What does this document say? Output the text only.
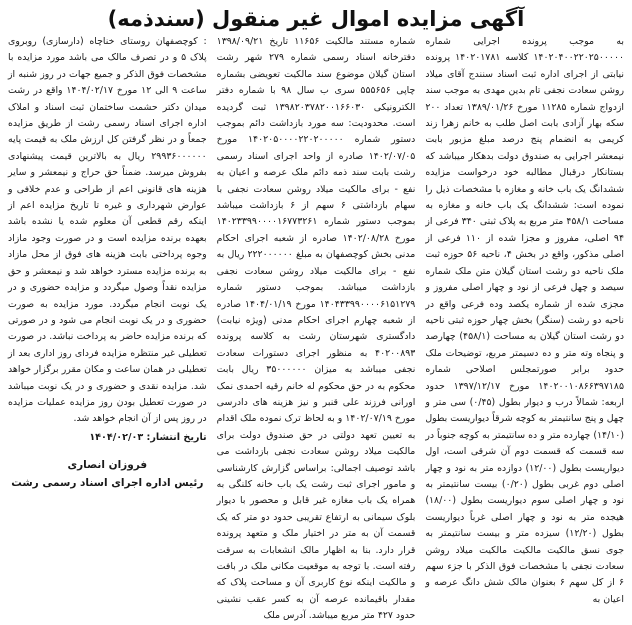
آگهی مزایده اموال غیر منقول (سندذمه)

به موجب پرونده اجرایی شماره ۱۴۰۲۰۴۰۰۲۲۰۲۵۰۰۰۰۰ کلاسه ۱۴۰۲۰۱۷۸۱ پرونده نیابتی از اجرای اداره ثبت اسناد سنندج آقای میلاد روشن سعادت نجفی تام بدین مهدی به موجب سند ازدواج شماره ۱۱۲۸۵ مورخ ۱۳۸۹/۰۱/۲۶ تعداد ۲۰۰ سکه بهار آزادی بابت اصل طلب به خانم زهرا زند کریمی به انضمام پنج درصد مبلغ مزبور بابت نیمعشر اجرایی به صندوق دولت بدهکار میباشد که بستانکار درقبال مطالبه خود درخواست مزایده ششدانگ یک باب خانه و مغازه با مشخصات ذیل را نموده است: ششدانگ یک باب خانه و مغازه به مساحت ۴۵۸/۱ متر مربع به پلاک ثبتی ۳۴۰ فرعی از ۹۴ اصلی، مفروز و مجزا شده از ۱۱۰ فرعی از اصلی مذکور، واقع در بخش ۴، ناحیه ۵۶ حوزه ثبت ملک ناحیه دو رشت استان گیلان متن ملک شماره سیصد و چهل فرعی از نود و چهار اصلی مفروز و مجزی شده از شماره یکصد وده فرعی واقع در ناحیه دو رشت (سنگر) بخش چهار حوزه ثبتی ناحیه دو رشت استان گیلان به مساحت (۴۵۸/۱) چهارصد و پنجاه وته متر و ده دسیمتر مربع، توضیحات ملک حدود برابر صورتمجلس اصلاحی شماره ۱۴۰۲۰۰۱۰۸۶۶۳۹۷۱۸۵ مورخ ۱۳۹۷/۱۲/۱۷ حدود اربعه: شمالاً درب و دیوار بطول (۰/۴۵) سی متر و چهل و پنج سانتیمتر به کوچه شرقاً دیواریست بطول (۱۴/۱۰) چهارده متر و ده سانتیمتر به کوچه جنوباً در سه قسمت که قسمت دوم آن شرقی است، اول دیواریست بطول (۱۲/۰۰) دوازده متر به نود و چهار اصلی دوم غربی بطول (۰/۲۰) بیست سانتیمتر به نود و چهار اصلی سوم دیواریست بطول (۱۸/۰۰) هیجده متر به نود و چهار اصلی غرباً دیواریست بطول (۱۲/۲۰) سیزده متر و بیست سانتیمتر به جوی نسق مالکیت مالکیت مالکیت میلاد روشن سعادت نجفی با مشخصات فوق الذکر با جزء سهم ۶ از کل سهم ۶ بعنوان مالک شش دانگ عرصه و اعیان به

شماره مستند مالکیت ۱۱۶۵۶ تاریخ ۱۳۹۸/۰۹/۲۱ دفترخانه اسناد رسمی شماره ۲۷۹ شهر رشت استان گیلان موضوع سند مالکیت تعویضی بشماره چاپی ۵۵۵۶۵۶ سری ب سال ۹۸ با شماره دفتر الکترونیکی ۱۳۹۸۲۰۳۷۸۲۰۰۱۶۶۰۳۰ ثبت گردیده است. محدودیت: سه مورد بازداشت دائم بموجب دستور شماره ۱۴۰۲۰۵۰۰۰۰۲۲۰۲۰۰۰۰۰ مورخ ۱۴۰۲/۰۷/۰۵ صادره از واحد اجرای اسناد رسمی رشت بابت سند ذمه دائم ملک عرصه و اعیان به نفع - برای مالکیت میلاد روشن سعادت نجفی با سهام بازداشتی ۶ سهم از ۶ بازداشت میباشد بموجب دستور شماره ۱۴۰۲۳۳۹۹۰۰۰۰۱۶۷۷۳۲۶۱ مورخ ۱۴۰۲/۰۸/۲۸ صادره از شعبه اجرای احکام مدنی بخش کوچصفهان به مبلغ ۲۲۲۰۰۰۰۰۰ ریال به نفع - برای مالکیت میلاد روشن سعادت نجفی بازداشت میباشد. بموجب دستور شماره ۱۴۰۴۳۳۹۹۰۰۰۰۶۱۵۱۲۷۹ مورخ ۱۴۰۴/۰۱/۱۹ صادره از شعبه چهارم اجرای احکام مدنی (ویژه نیابت) دادگستری شهرستان رشت به کلاسه پرونده ۴۰۲۰۰۸۹۳ به منظور اجرای دستورات سعادت نجفی میباشد به میزان ۳۵۰۰۰۰۰۰ ریال بابت محکوم به در حق محکوم له خانم رقیه احمدی نمک اورانی فرزند علی قنبر و نیز هزینه های دادرسی مورخ ۱۴۰۲/۰۷/۱۹ و به لحاظ ترک نموده ملک اقدام به تعیین تعهد دولتی در حق صندوق دولت برای مالکیت میلاد روشن سعادت نجفی بازداشت می باشد توصیف اجمالی: براساس گزارش کارشناسی و مامور اجرای ثبت رشت یک باب خانه کلنگی به همراه یک باب مغازه غیر قابل و محصور با دیوار بلوک سیمانی به ارتفاع تقریبی حدود دو متر که یک قسمت آن به متر در اختیار ملک و متعهد پرونده قرار دارد. بنا به اظهار مالک انشعابات به سرقت رفته است. با توجه به موقعیت مکانی ملک در بافت و مالکیت اینکه نوع کاربری آن و مساحت پلاک که مقدار باقیمانده عرصه آن به کسر عقب نشینی حدود ۴۲۷ متر مربع میباشد. آدرس ملک

: کوچصفهان روستای خناچاه (دارسازی) روبروی پلاک ۵ و در تصرف مالک می باشد مورد مزایده با مشخصات فوق الذکر و جمیع جهات در روز شنبه از ساعت ۹ الی ۱۲ مورخ ۱۴۰۴/۰۲/۱۷ واقع در رشت میدان دکتر حشمت ساختمان ثبت اسناد و املاک اداره اجرای اسناد رسمی رشت از طریق مزایده جمعاً و در نظر گرفتن کل ارزش ملک به قیمت پایه ۲۹۹۳۶۰۰۰۰۰۰ ریال به بالاترین قیمت پیشنهادی بفروش میرسد. ضمناً حق حراج و نیمعشر و سایر هزینه های قانونی اعم از طراحی و عدم خلافی و عوارض شهرداری و غیره تا تاریخ مزایده اعم از اینکه رقم قطعی آن معلوم شده یا نشده باشد بعهده برنده مزایده است و در صورت وجود مازاد وجوه پرداختی بابت هزینه های فوق از محل مازاد به برنده مزایده مسترد خواهد شد و نیمعشر و حق مزایده نقداً وصول میگردد و مزایده حضوری و در یک نوبت انجام میگردد. مورد مزایده به صورت حضوری و در یک نوبت انجام می شود و در صورتی که برنده مزایده حاضر به پرداخت نباشد. در صورت تعطیلی غیر منتظره مزایده فردای روز اداری بعد از تعطیلی در همان ساعت و مکان مقرر برگزار خواهد شد. مزایده نقدی و حضوری و در یک نوبت میباشد در صورت تعطیل بودن روز مزایده عملیات مزایده در روز پس از آن انجام خواهد شد.

تاریخ انتشار: ۱۴۰۴/۰۲/۰۳
فروزان انصاری
رئیس اداره اجرای اسناد رسمی رشت
